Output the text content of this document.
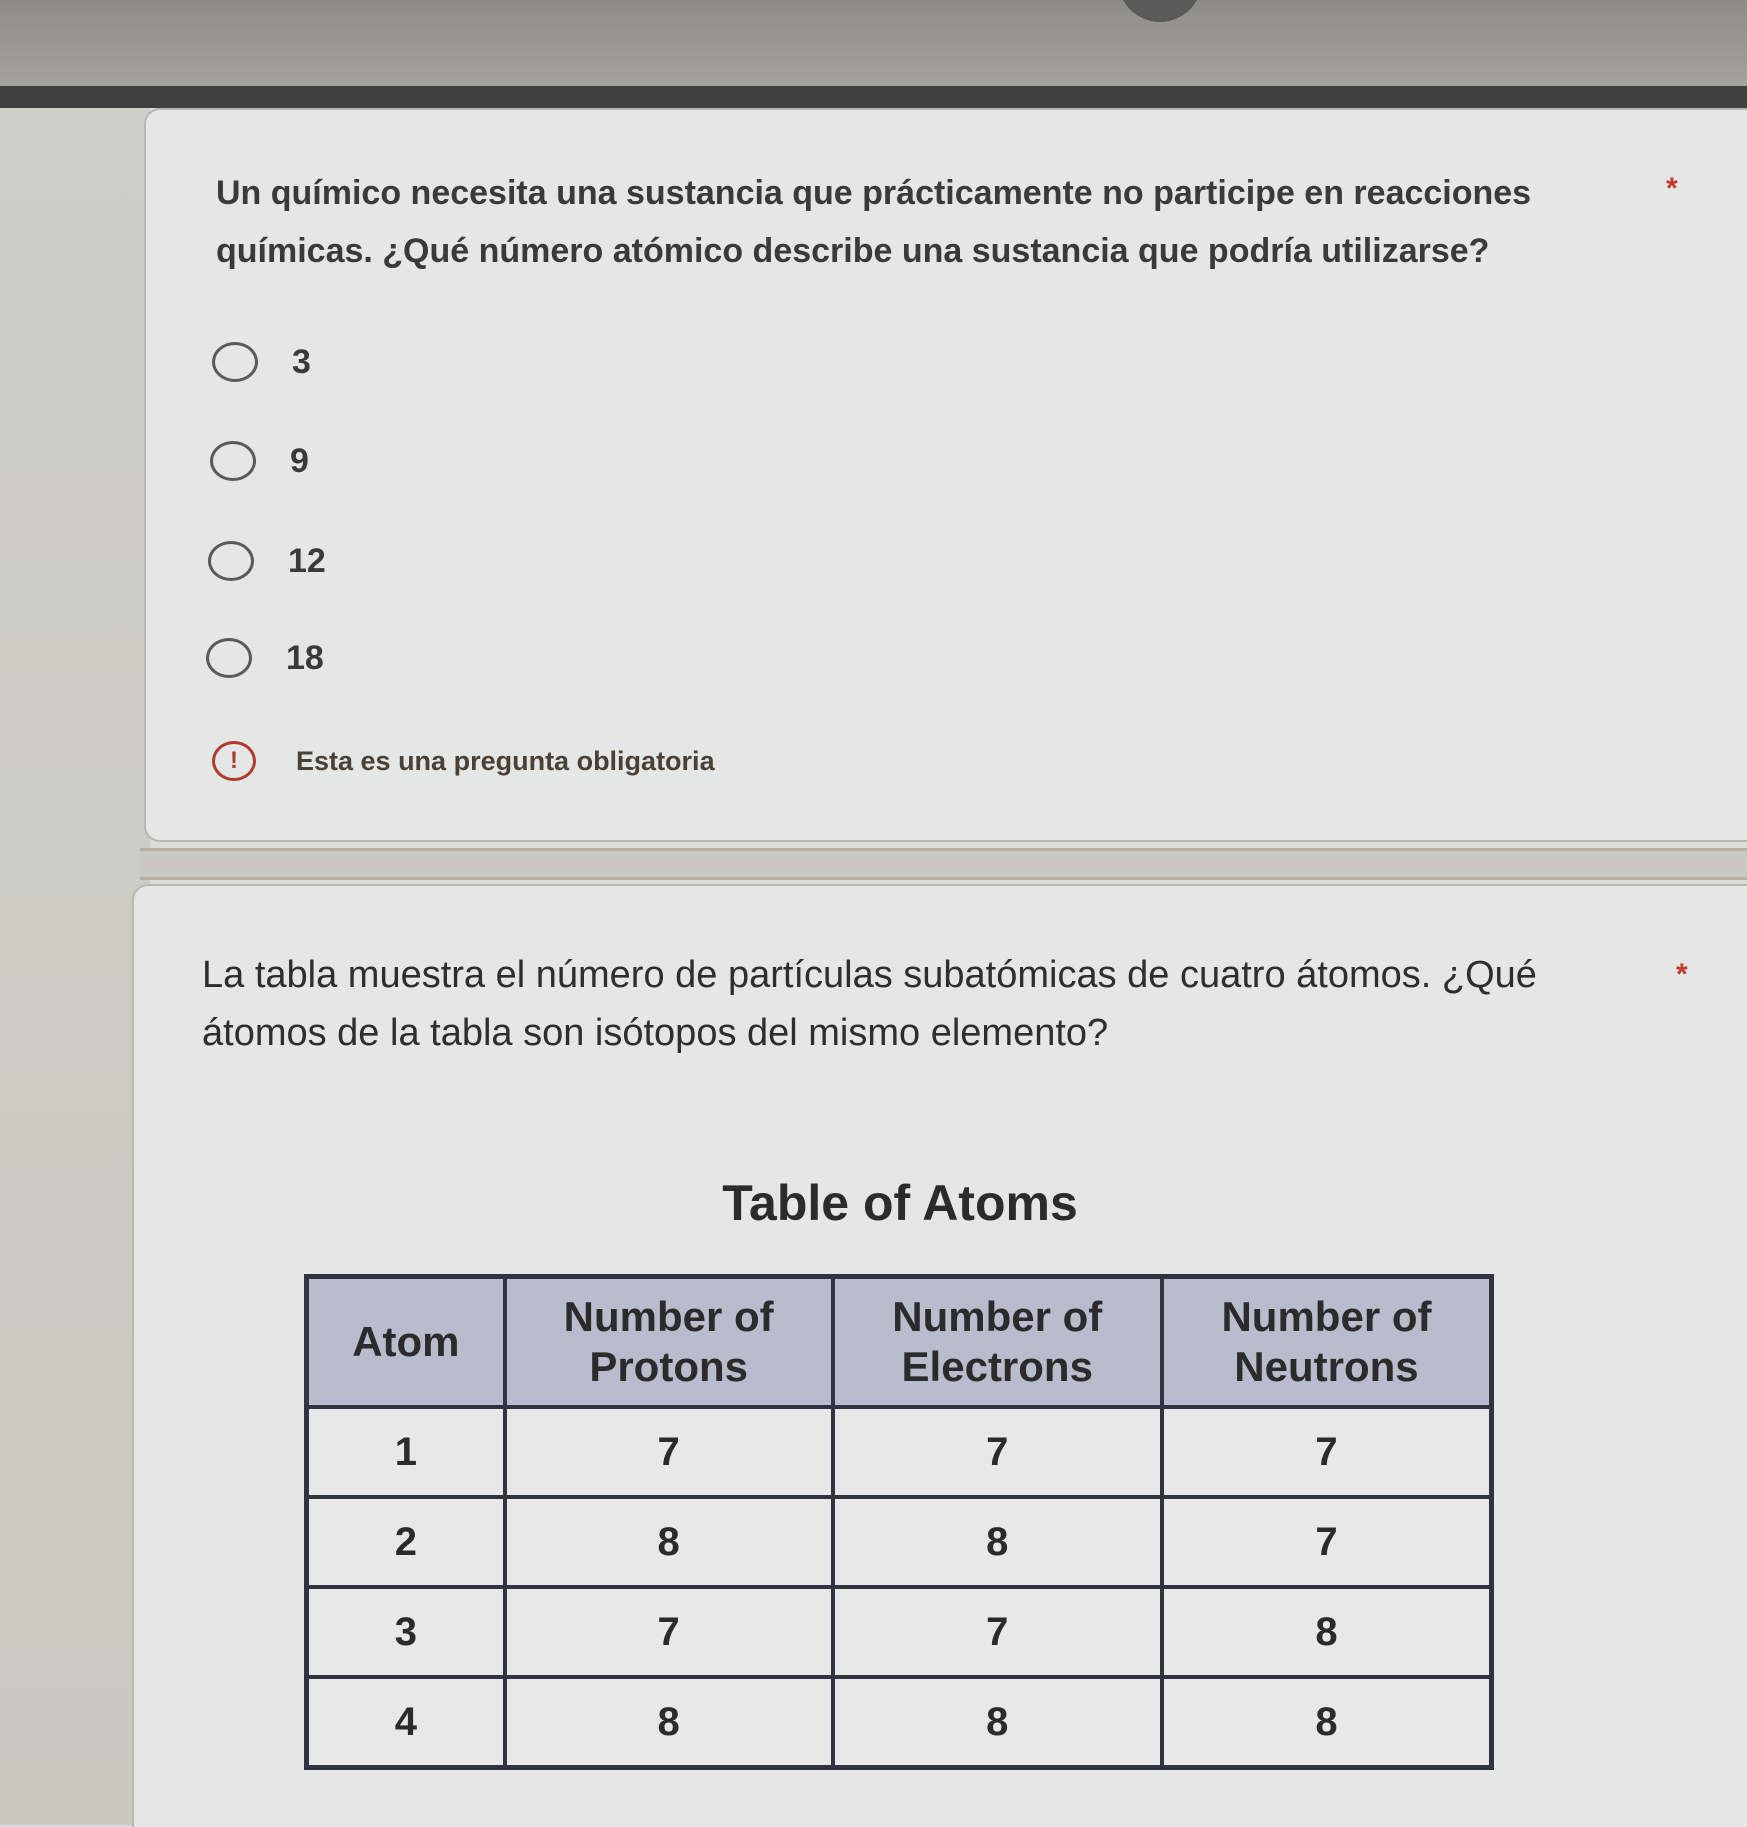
Un químico necesita una sustancia que prácticamente no participe en reacciones químicas. ¿Qué número atómico describe una sustancia que podría utilizarse?
*
3
9
12
18
!	Esta es una pregunta obligatoria
La tabla muestra el número de partículas subatómicas de cuatro átomos. ¿Qué átomos de la tabla son isótopos del mismo elemento?
*
Table of Atoms
Atom	Number of Protons	Number of Electrons	Number of Neutrons
1	7	7	7
2	8	8	7
3	7	7	8
4	8	8	8
